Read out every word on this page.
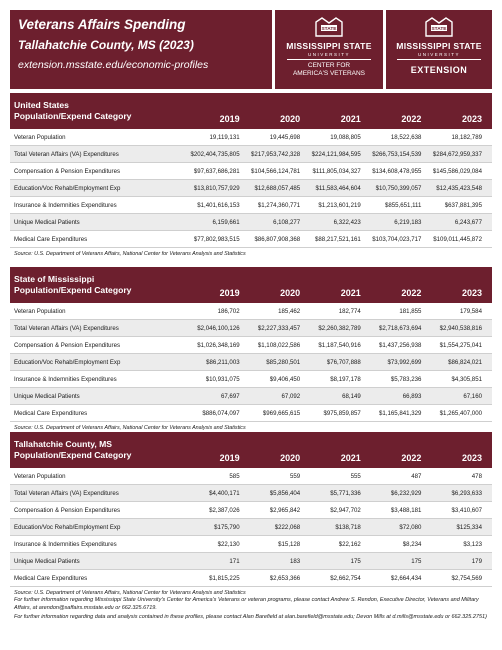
Veterans Affairs Spending
Tallahatchie County, MS (2023)
extension.msstate.edu/economic-profiles
STATE
MISSISSIPPI STATE
UNIVERSITY
CENTER FOR
AMERICA'S VETERANS
STATE
MISSISSIPPI STATE
UNIVERSITY
EXTENSION
United States
Population/Expend Category	2019	2020	2021	2022	2023
Veteran Population	19,119,131	19,445,698	19,088,805	18,522,638	18,182,789
Total Veteran Affairs (VA) Expenditures	$202,404,735,805	$217,953,742,328	$224,121,984,595	$266,753,154,539	$284,672,959,337
Compensation & Pension Expenditures	$97,637,686,281	$104,566,124,781	$111,805,034,327	$134,608,478,955	$145,586,029,084
Education/Voc Rehab/Employment Exp	$13,810,757,929	$12,688,057,485	$11,583,464,604	$10,750,399,057	$12,435,423,548
Insurance & Indemnities Expenditures	$1,401,616,153	$1,274,360,771	$1,213,601,219	$855,651,111	$637,881,395
Unique Medical Patients	6,159,661	6,108,277	6,322,423	6,219,183	6,243,677
Medical Care Expenditures	$77,802,983,515	$86,807,908,368	$88,217,521,161	$103,704,023,717	$109,011,445,872
Source: U.S. Department of Veterans Affairs, National Center for Veterans Analysis and Statistics
State of Mississippi
Population/Expend Category	2019	2020	2021	2022	2023
Veteran Population	186,702	185,462	182,774	181,855	179,584
Total Veteran Affairs (VA) Expenditures	$2,046,100,126	$2,227,333,457	$2,260,382,789	$2,718,673,694	$2,940,538,816
Compensation & Pension Expenditures	$1,026,348,169	$1,108,022,586	$1,187,540,916	$1,437,256,938	$1,554,275,041
Education/Voc Rehab/Employment Exp	$86,211,003	$85,280,501	$76,707,888	$73,992,699	$86,824,021
Insurance & Indemnities Expenditures	$10,931,075	$9,406,450	$8,197,178	$5,783,236	$4,305,851
Unique Medical Patients	67,697	67,092	68,149	66,893	67,160
Medical Care Expenditures	$886,074,097	$969,665,615	$975,859,857	$1,165,841,329	$1,265,407,000
Source: U.S. Department of Veterans Affairs, National Center for Veterans Analysis and Statistics
Tallahatchie County, MS
Population/Expend Category	2019	2020	2021	2022	2023
Veteran Population	585	559	555	487	478
Total Veteran Affairs (VA) Expenditures	$4,400,171	$5,856,404	$5,771,336	$6,232,929	$6,293,633
Compensation & Pension Expenditures	$2,387,026	$2,965,842	$2,947,702	$3,488,181	$3,410,607
Education/Voc Rehab/Employment Exp	$175,790	$222,068	$138,718	$72,080	$125,334
Insurance & Indemnities Expenditures	$22,130	$15,128	$22,162	$8,234	$3,123
Unique Medical Patients	171	183	175	175	179
Medical Care Expenditures	$1,815,225	$2,653,366	$2,662,754	$2,664,434	$2,754,569
Source: U.S. Department of Veterans Affairs, National Center for Veterans Analysis and Statistics

For further information regarding Mississippi State University's Center for America's Veterans or veteran programs, please contact Andrew S. Rendon, Executive Director, Veterans and Military Affairs, at arendon@saffairs.msstate.edu or 662.325.6719.

For further information regarding data and analysis contained in these profiles, please contact Alan Barefield at alan.barefield@msstate.edu; Devon Mills at d.mills@msstate.edu or 662.325.2751)
